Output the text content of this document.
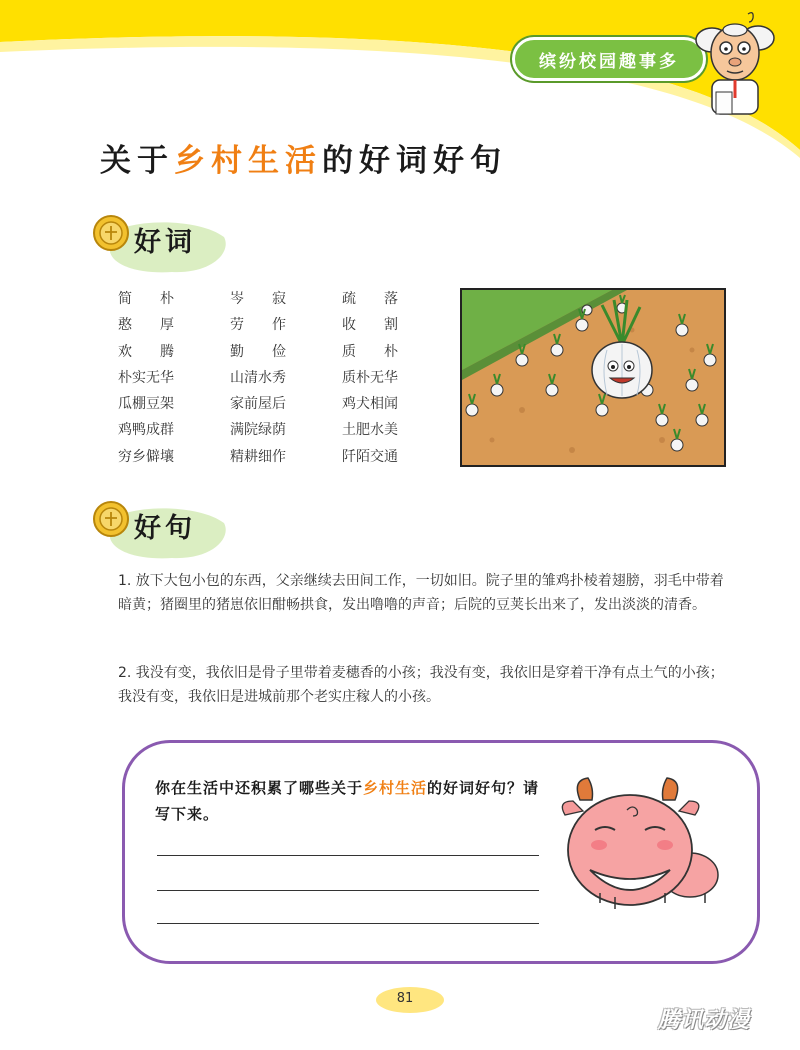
缤纷校园趣事多
关于乡村生活的好词好句
好词
简　　朴	岑　　寂	疏　　落
憨　　厚	劳　　作	收　　割
欢　　腾	勤　　俭	质　　朴
朴实无华	山清水秀	质朴无华
瓜棚豆架	家前屋后	鸡犬相闻
鸡鸭成群	满院绿荫	土肥水美
穷乡僻壤	精耕细作	阡陌交通
好句
1. 放下大包小包的东西，父亲继续去田间工作，一切如旧。院子里的雏鸡扑棱着翅膀，羽毛中带着暗黄；猪圈里的猪崽依旧酣畅拱食，发出噜噜的声音；后院的豆荚长出来了，发出淡淡的清香。
2. 我没有变，我依旧是骨子里带着麦穗香的小孩；我没有变，我依旧是穿着干净有点土气的小孩；我没有变，我依旧是进城前那个老实庄稼人的小孩。
你在生活中还积累了哪些关于乡村生活的好词好句？请写下来。
81
腾讯动漫
